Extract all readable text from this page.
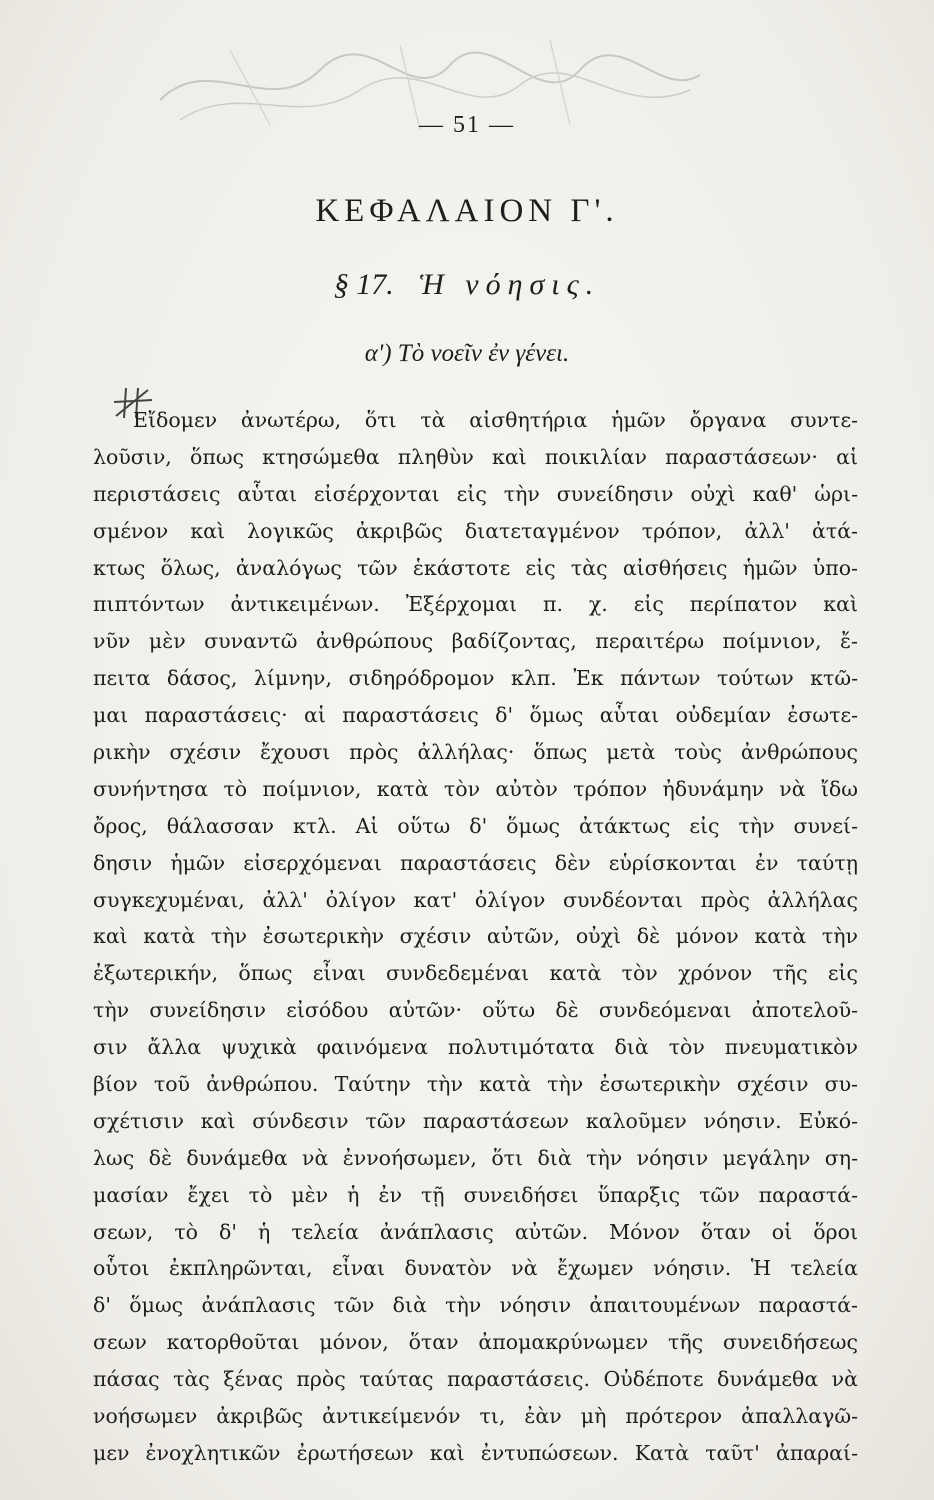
— 51 —
ΚΕΦΑΛΑΙΟΝ Γ'.
§ 17. Ἡ νόησις.
α') Τὸ νοεῖν ἐν γένει.
Εἴδομεν ἀνωτέρω, ὅτι τὰ αἰσθητήρια ἡμῶν ὄργανα συντε-
λοῦσιν, ὅπως κτησώμεθα πληθὺν καὶ ποικιλίαν παραστάσεων· αἱ
περιστάσεις αὗται εἰσέρχονται εἰς τὴν συνείδησιν οὐχὶ καθ' ὡρι-
σμένον καὶ λογικῶς ἀκριβῶς διατεταγμένον τρόπον, ἀλλ' ἀτά-
κτως ὅλως, ἀναλόγως τῶν ἑκάστοτε εἰς τὰς αἰσθήσεις ἡμῶν ὑπο-
πιπτόντων ἀντικειμένων. Ἐξέρχομαι π. χ. εἰς περίπατον καὶ
νῦν μὲν συναντῶ ἀνθρώπους βαδίζοντας, περαιτέρω ποίμνιον, ἔ-
πειτα δάσος, λίμνην, σιδηρόδρομον κλπ. Ἐκ πάντων τούτων κτῶ-
μαι παραστάσεις· αἱ παραστάσεις δ' ὅμως αὗται οὐδεμίαν ἐσωτε-
ρικὴν σχέσιν ἔχουσι πρὸς ἀλλήλας· ὅπως μετὰ τοὺς ἀνθρώπους
συνήντησα τὸ ποίμνιον, κατὰ τὸν αὐτὸν τρόπον ἠδυνάμην νὰ ἴδω
ὄρος, θάλασσαν κτλ. Αἱ οὕτω δ' ὅμως ἀτάκτως εἰς τὴν συνεί-
δησιν ἡμῶν εἰσερχόμεναι παραστάσεις δὲν εὑρίσκονται ἐν ταύτῃ
συγκεχυμέναι, ἀλλ' ὀλίγον κατ' ὀλίγον συνδέονται πρὸς ἀλλήλας
καὶ κατὰ τὴν ἐσωτερικὴν σχέσιν αὐτῶν, οὐχὶ δὲ μόνον κατὰ τὴν
ἐξωτερικήν, ὅπως εἶναι συνδεδεμέναι κατὰ τὸν χρόνον τῆς εἰς
τὴν συνείδησιν εἰσόδου αὐτῶν· οὕτω δὲ συνδεόμεναι ἀποτελοῦ-
σιν ἄλλα ψυχικὰ φαινόμενα πολυτιμότατα διὰ τὸν πνευματικὸν
βίον τοῦ ἀνθρώπου. Ταύτην τὴν κατὰ τὴν ἐσωτερικὴν σχέσιν συ-
σχέτισιν καὶ σύνδεσιν τῶν παραστάσεων καλοῦμεν νόησιν. Εὐκό-
λως δὲ δυνάμεθα νὰ ἐννοήσωμεν, ὅτι διὰ τὴν νόησιν μεγάλην ση-
μασίαν ἔχει τὸ μὲν ἡ ἐν τῇ συνειδήσει ὕπαρξις τῶν παραστά-
σεων, τὸ δ' ἡ τελεία ἀνάπλασις αὐτῶν. Μόνον ὅταν οἱ ὅροι
οὗτοι ἐκπληρῶνται, εἶναι δυνατὸν νὰ ἔχωμεν νόησιν. Ἡ τελεία
δ' ὅμως ἀνάπλασις τῶν διὰ τὴν νόησιν ἀπαιτουμένων παραστά-
σεων κατορθοῦται μόνον, ὅταν ἀπομακρύνωμεν τῆς συνειδήσεως
πάσας τὰς ξένας πρὸς ταύτας παραστάσεις. Οὐδέποτε δυνάμεθα νὰ
νοήσωμεν ἀκριβῶς ἀντικείμενόν τι, ἐὰν μὴ πρότερον ἀπαλλαγῶ-
μεν ἐνοχλητικῶν ἐρωτήσεων καὶ ἐντυπώσεων. Κατὰ ταῦτ' ἀπαραί-
